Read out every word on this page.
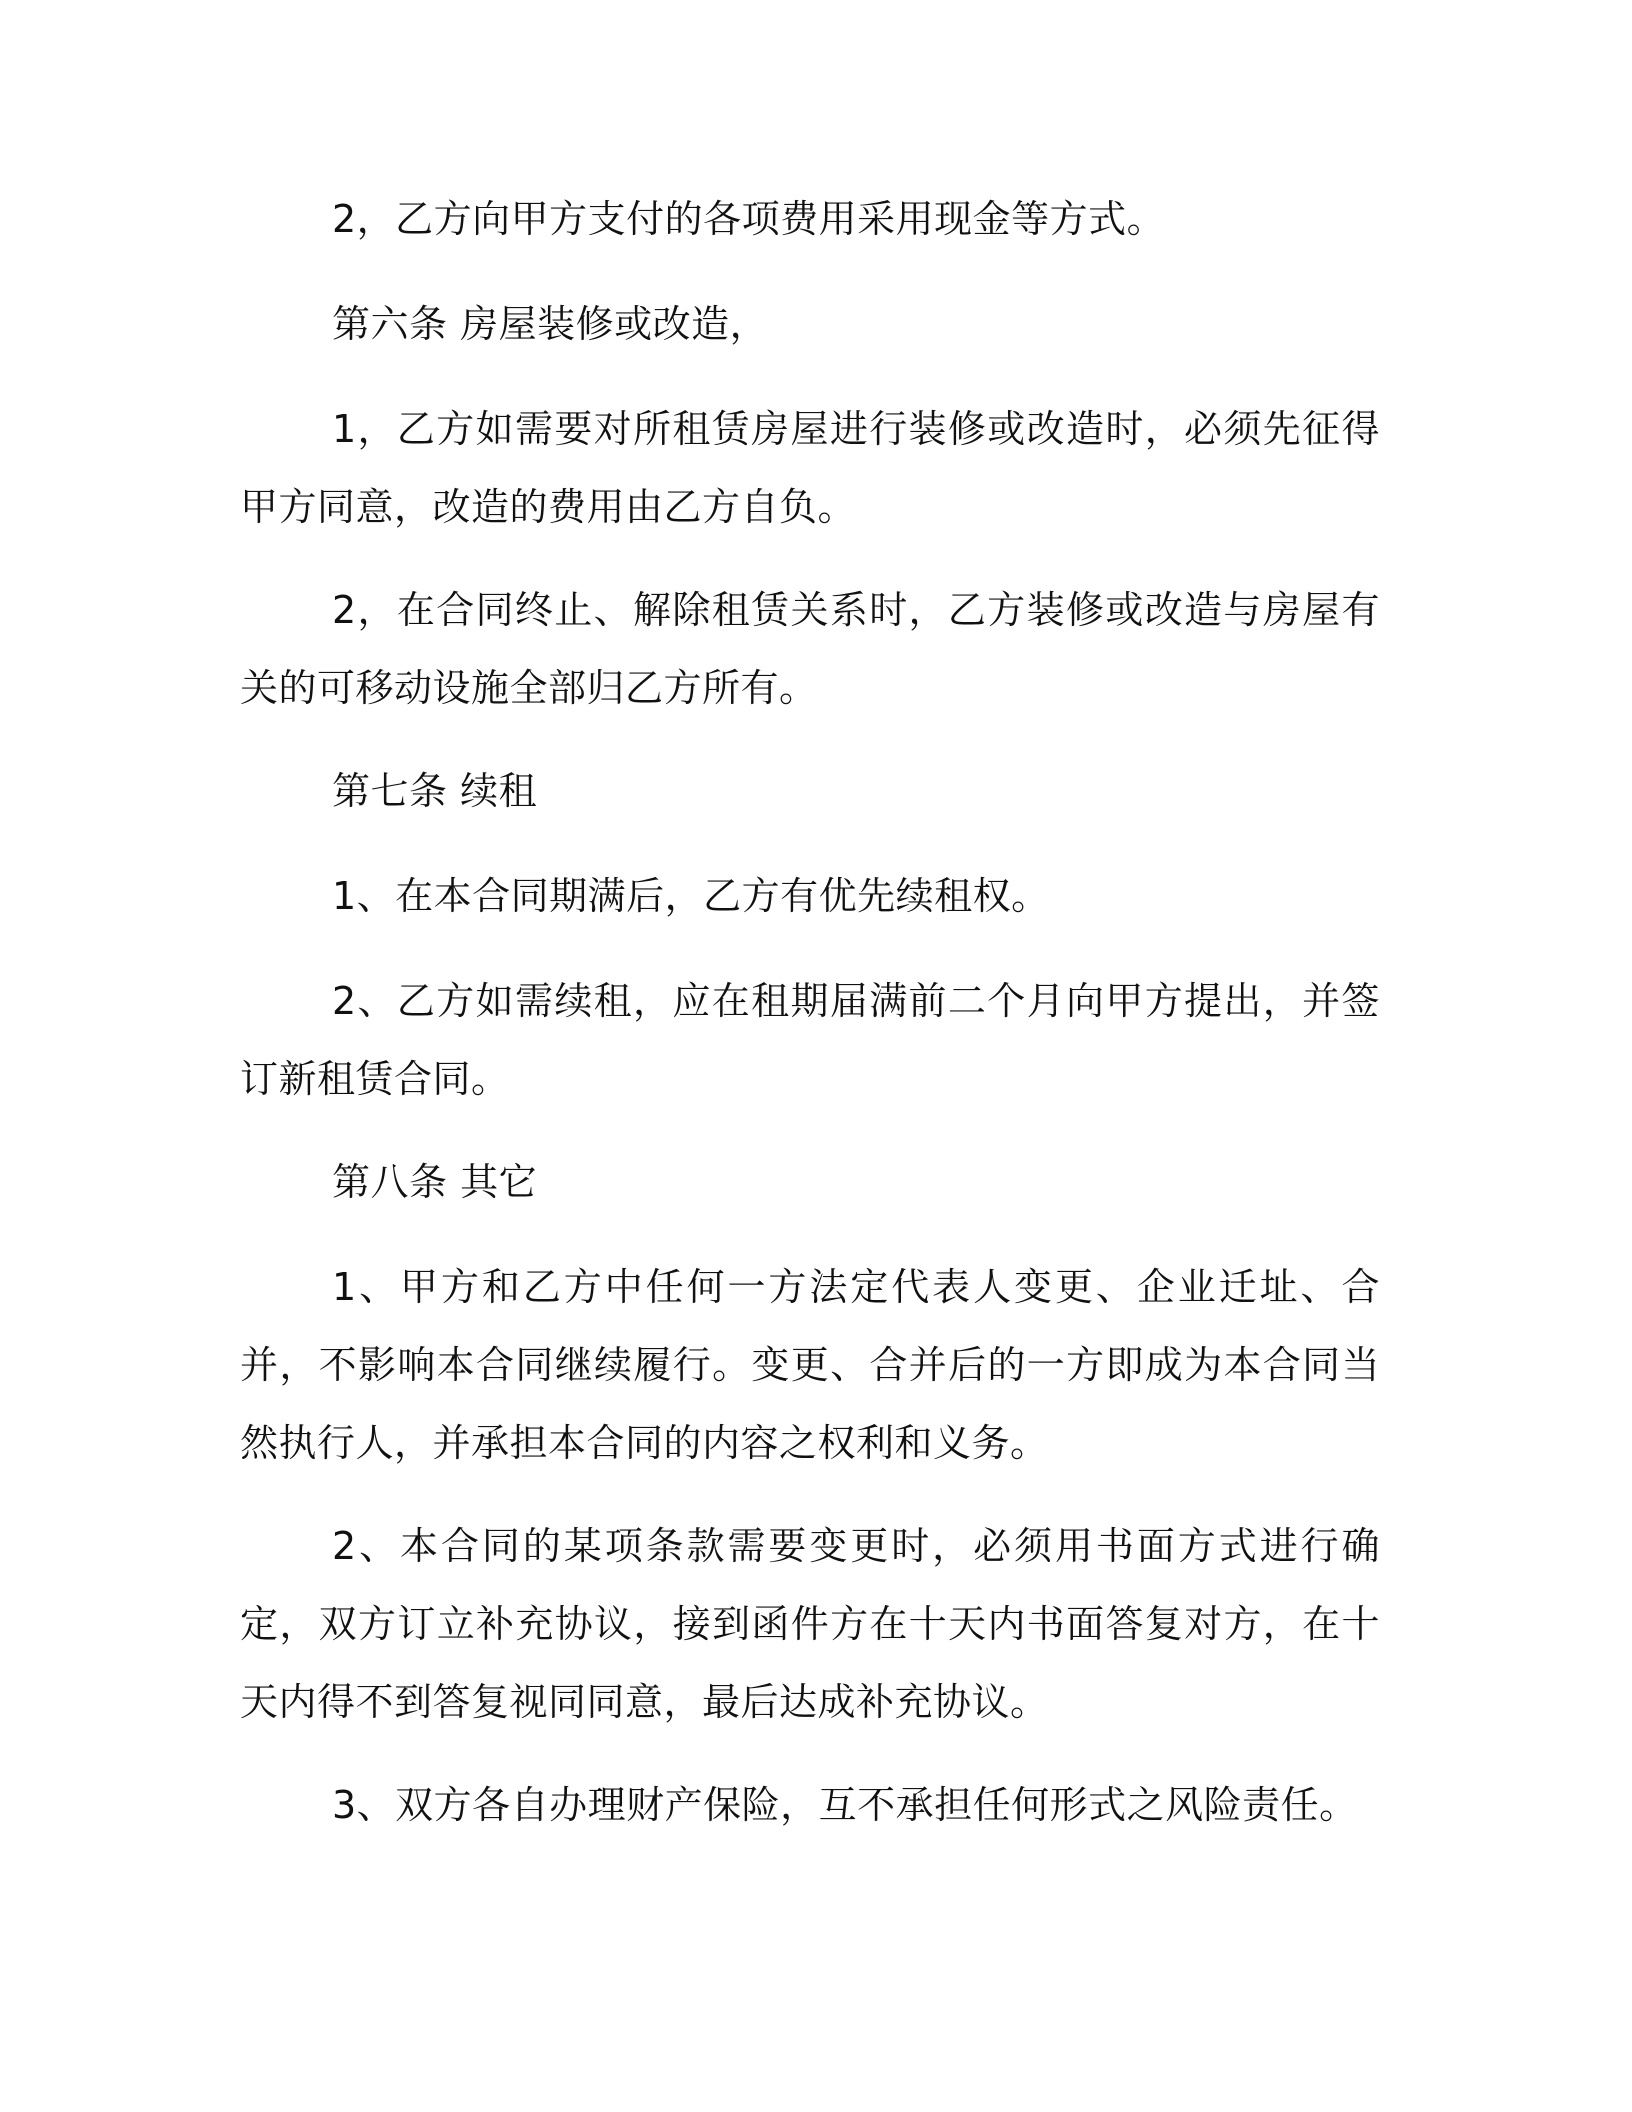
2，乙方向甲方支付的各项费用采用现金等方式。

第六条 房屋装修或改造，

1，乙方如需要对所租赁房屋进行装修或改造时，必须先征得甲方同意，改造的费用由乙方自负。

2，在合同终止、解除租赁关系时，乙方装修或改造与房屋有关的可移动设施全部归乙方所有。

第七条 续租

1、在本合同期满后，乙方有优先续租权。

2、乙方如需续租，应在租期届满前二个月向甲方提出，并签订新租赁合同。

第八条 其它

1、甲方和乙方中任何一方法定代表人变更、企业迁址、合并，不影响本合同继续履行。变更、合并后的一方即成为本合同当然执行人，并承担本合同的内容之权利和义务。

2、本合同的某项条款需要变更时，必须用书面方式进行确定，双方订立补充协议，接到函件方在十天内书面答复对方，在十天内得不到答复视同同意，最后达成补充协议。

3、双方各自办理财产保险，互不承担任何形式之风险责任。
